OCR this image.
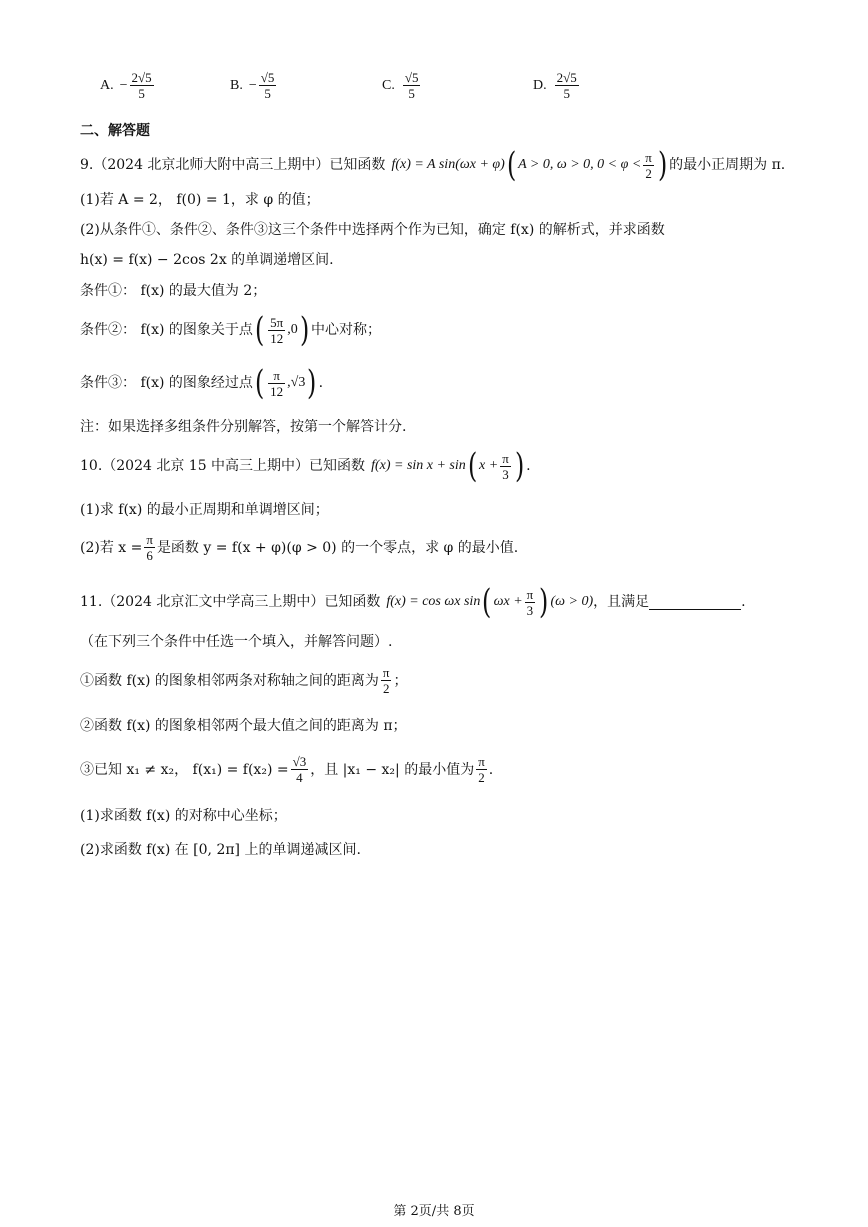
A. − $\frac{2√5}{5}$	B. − $\frac{√5}{5}$	C. $\frac{√5}{5}$	D. $\frac{2√5}{5}$
二、解答题
9.（2024 北京北师大附中高三上期中）已知函数 f(x) = A sin(ωx + φ) ( A > 0, ω > 0, $0 < \varphi < \frac{\pi}{2}$ ) 的最小正周期为 π.
(1)若 A = 2， f(0) = 1，求 φ 的值；
(2)从条件①、条件②、条件③这三个条件中选择两个作为已知，确定 f(x) 的解析式，并求函数
h(x) = f(x) − 2cos 2x 的单调递增区间.
条件①： f(x) 的最大值为 2；
条件②： f(x) 的图象关于点 ( $\frac{5\pi}{12} ,0$ ) 中心对称；
条件③： f(x) 的图象经过点 ( $\frac{\pi}{12} ,√3$ ) .
注：如果选择多组条件分别解答，按第一个解答计分.
10.（2024 北京 15 中高三上期中）已知函数 f(x) = sin x + sin ( $x + \frac{\pi}{3}$ ) .
(1)求 f(x) 的最小正周期和单调增区间；
(2)若 $x = \frac{\pi}{6}$ 是函数 y = f(x + φ)(φ > 0) 的一个零点，求 φ 的最小值.
11.（2024 北京汇文中学高三上期中）已知函数 f(x) = cos ωx sin ( $\omega x + \frac{\pi}{3}$ ) (ω > 0) ，且满足	.
（在下列三个条件中任选一个填入，并解答问题）.
①函数 f(x) 的图象相邻两条对称轴之间的距离为 $\frac{\pi}{2}$ ；
②函数 f(x) 的图象相邻两个最大值之间的距离为 π；
③已知 x₁ ≠ x₂， $f(x_1) = f(x_2) = \frac{√3}{4}$ ，且 |x₁ − x₂| 的最小值为 $\frac{\pi}{2}$ .
(1)求函数 f(x) 的对称中心坐标；
(2)求函数 f(x) 在 [0, 2π] 上的单调递减区间.
第 2页/共 8页
